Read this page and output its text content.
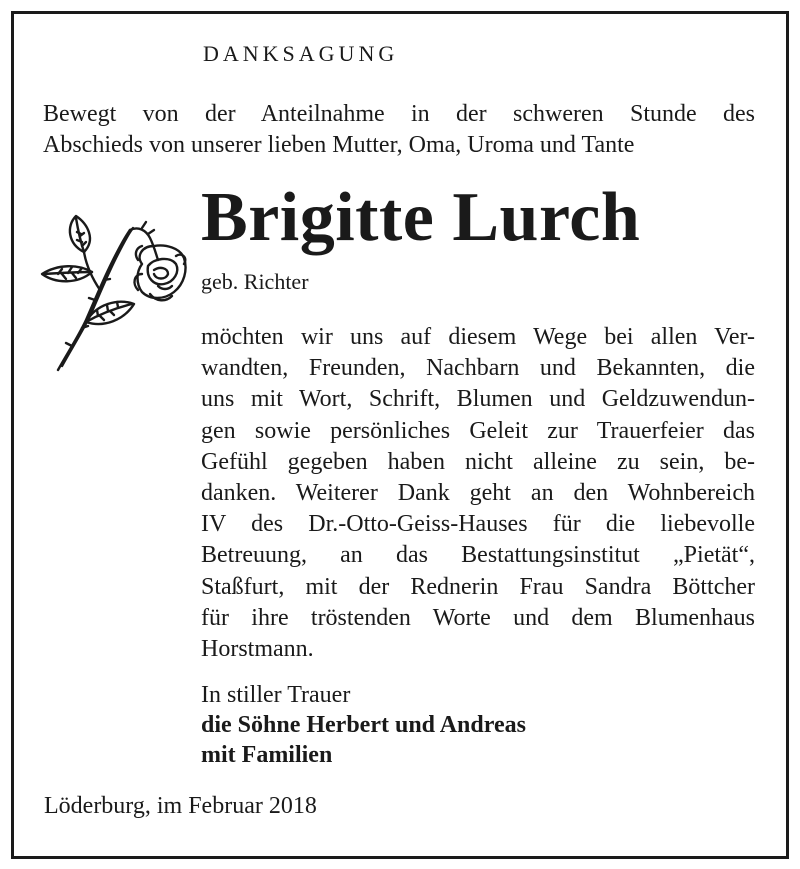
DANKSAGUNG
Bewegt von der Anteilnahme in der schweren Stunde des
Abschieds von unserer lieben Mutter, Oma, Uroma und Tante
Brigitte Lurch
geb. Richter
möchten wir uns auf diesem Wege bei allen Ver-
wandten, Freunden, Nachbarn und Bekannten, die
uns mit Wort, Schrift, Blumen und Geldzuwendun-
gen sowie persönliches Geleit zur Trauerfeier das
Gefühl gegeben haben nicht alleine zu sein, be-
danken. Weiterer Dank geht an den Wohnbereich
IV des Dr.-Otto-Geiss-Hauses für die liebevolle
Betreuung, an das Bestattungsinstitut „Pietät“,
Staßfurt, mit der Rednerin Frau Sandra Böttcher
für ihre tröstenden Worte und dem Blumenhaus
Horstmann.
In stiller Trauer
die Söhne Herbert und Andreas
mit Familien
Löderburg, im Februar 2018
